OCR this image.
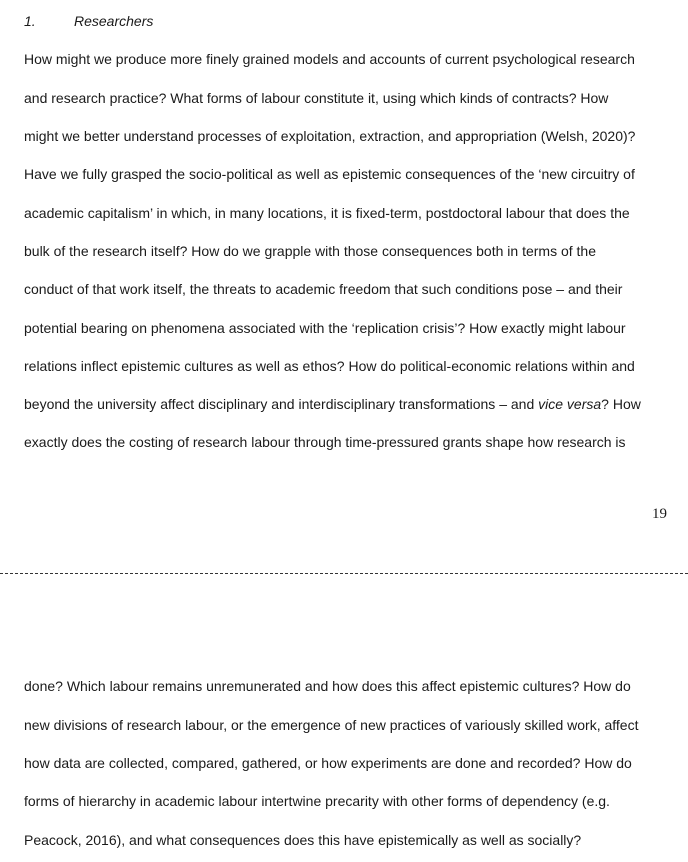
1.	Researchers
How might we produce more finely grained models and accounts of current psychological research
and research practice? What forms of labour constitute it, using which kinds of contracts? How
might we better understand processes of exploitation, extraction, and appropriation (Welsh, 2020)?
Have we fully grasped the socio-political as well as epistemic consequences of the ‘new circuitry of
academic capitalism’ in which, in many locations, it is fixed-term, postdoctoral labour that does the
bulk of the research itself? How do we grapple with those consequences both in terms of the
conduct of that work itself, the threats to academic freedom that such conditions pose – and their
potential bearing on phenomena associated with the ‘replication crisis’? How exactly might labour
relations inflect epistemic cultures as well as ethos? How do political-economic relations within and
beyond the university affect disciplinary and interdisciplinary transformations – and vice versa? How
exactly does the costing of research labour through time-pressured grants shape how research is
19
done? Which labour remains unremunerated and how does this affect epistemic cultures? How do
new divisions of research labour, or the emergence of new practices of variously skilled work, affect
how data are collected, compared, gathered, or how experiments are done and recorded? How do
forms of hierarchy in academic labour intertwine precarity with other forms of dependency (e.g.
Peacock, 2016), and what consequences does this have epistemically as well as socially?
